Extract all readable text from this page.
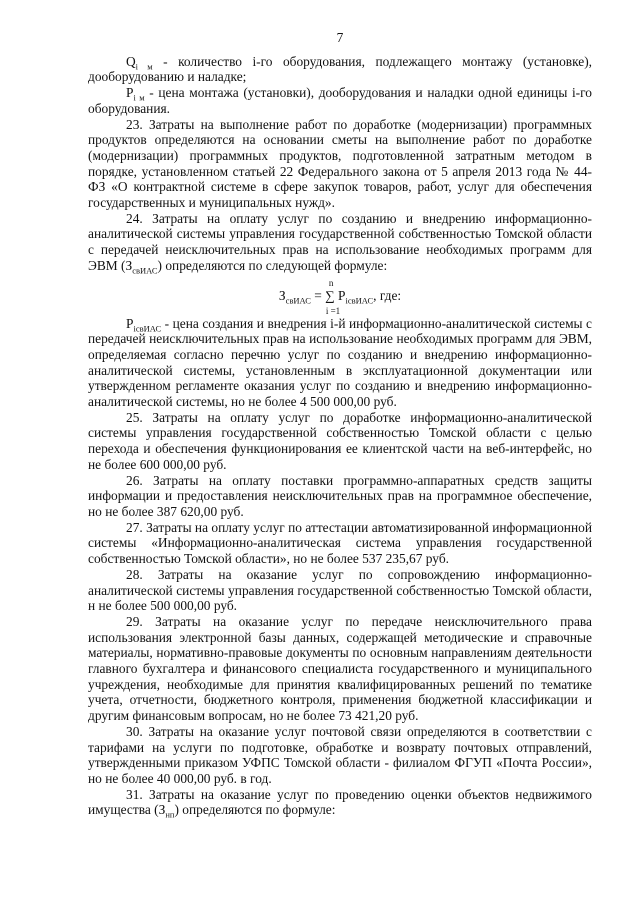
7

$Q_{i м}$ - количество i-го оборудования, подлежащего монтажу (установке), дооборудованию и наладке;

$P_{i м}$ - цена монтажа (установки), дооборудования и наладки одной единицы i-го оборудования.

23. Затраты на выполнение работ по доработке (модернизации) программных продуктов определяются на основании сметы на выполнение работ по доработке (модернизации) программных продуктов, подготовленной затратным методом в порядке, установленном статьей 22 Федерального закона от 5 апреля 2013 года № 44-ФЗ «О контрактной системе в сфере закупок товаров, работ, услуг для обеспечения государственных и муниципальных нужд».

24. Затраты на оплату услуг по созданию и внедрению информационно-аналитической системы управления государственной собственностью Томской области с передачей неисключительных прав на использование необходимых программ для ЭВМ $(З_{свИАС})$ определяются по следующей формуле:

n
$З_{свИАС}$ = ∑ $P_{iсвИАС}$, где:
i =1

$P_{iсвИАС}$ - цена создания и внедрения i-й информационно-аналитической системы с передачей неисключительных прав на использование необходимых программ для ЭВМ, определяемая согласно перечню услуг по созданию и внедрению информационно-аналитической системы, установленным в эксплуатационной документации или утвержденном регламенте оказания услуг по созданию и внедрению информационно-аналитической системы, но не более 4 500 000,00 руб.

25. Затраты на оплату услуг по доработке информационно-аналитической системы управления государственной собственностью Томской области с целью перехода и обеспечения функционирования ее клиентской части на веб-интерфейс, но не более 600 000,00 руб.

26. Затраты на оплату поставки программно-аппаратных средств защиты информации и предоставления неисключительных прав на программное обеспечение, но не более 387 620,00 руб.

27. Затраты на оплату услуг по аттестации автоматизированной информационной системы «Информационно-аналитическая система управления государственной собственностью Томской области», но не более 537 235,67 руб.

28. Затраты на оказание услуг по сопровождению информационно-аналитической системы управления государственной собственностью Томской области, н не более 500 000,00 руб.

29. Затраты на оказание услуг по передаче неисключительного права использования электронной базы данных, содержащей методические и справочные материалы, нормативно-правовые документы по основным направлениям деятельности главного бухгалтера и финансового специалиста государственного и муниципального учреждения, необходимые для принятия квалифицированных решений по тематике учета, отчетности, бюджетного контроля, применения бюджетной классификации и другим финансовым вопросам, но не более 73 421,20 руб.

30. Затраты на оказание услуг почтовой связи определяются в соответствии с тарифами на услуги по подготовке, обработке и возврату почтовых отправлений, утвержденными приказом УФПС Томской области - филиалом ФГУП «Почта России», но не более 40 000,00 руб. в год.

31. Затраты на оказание услуг по проведению оценки объектов недвижимого имущества $(З_{нп})$ определяются по формуле:
